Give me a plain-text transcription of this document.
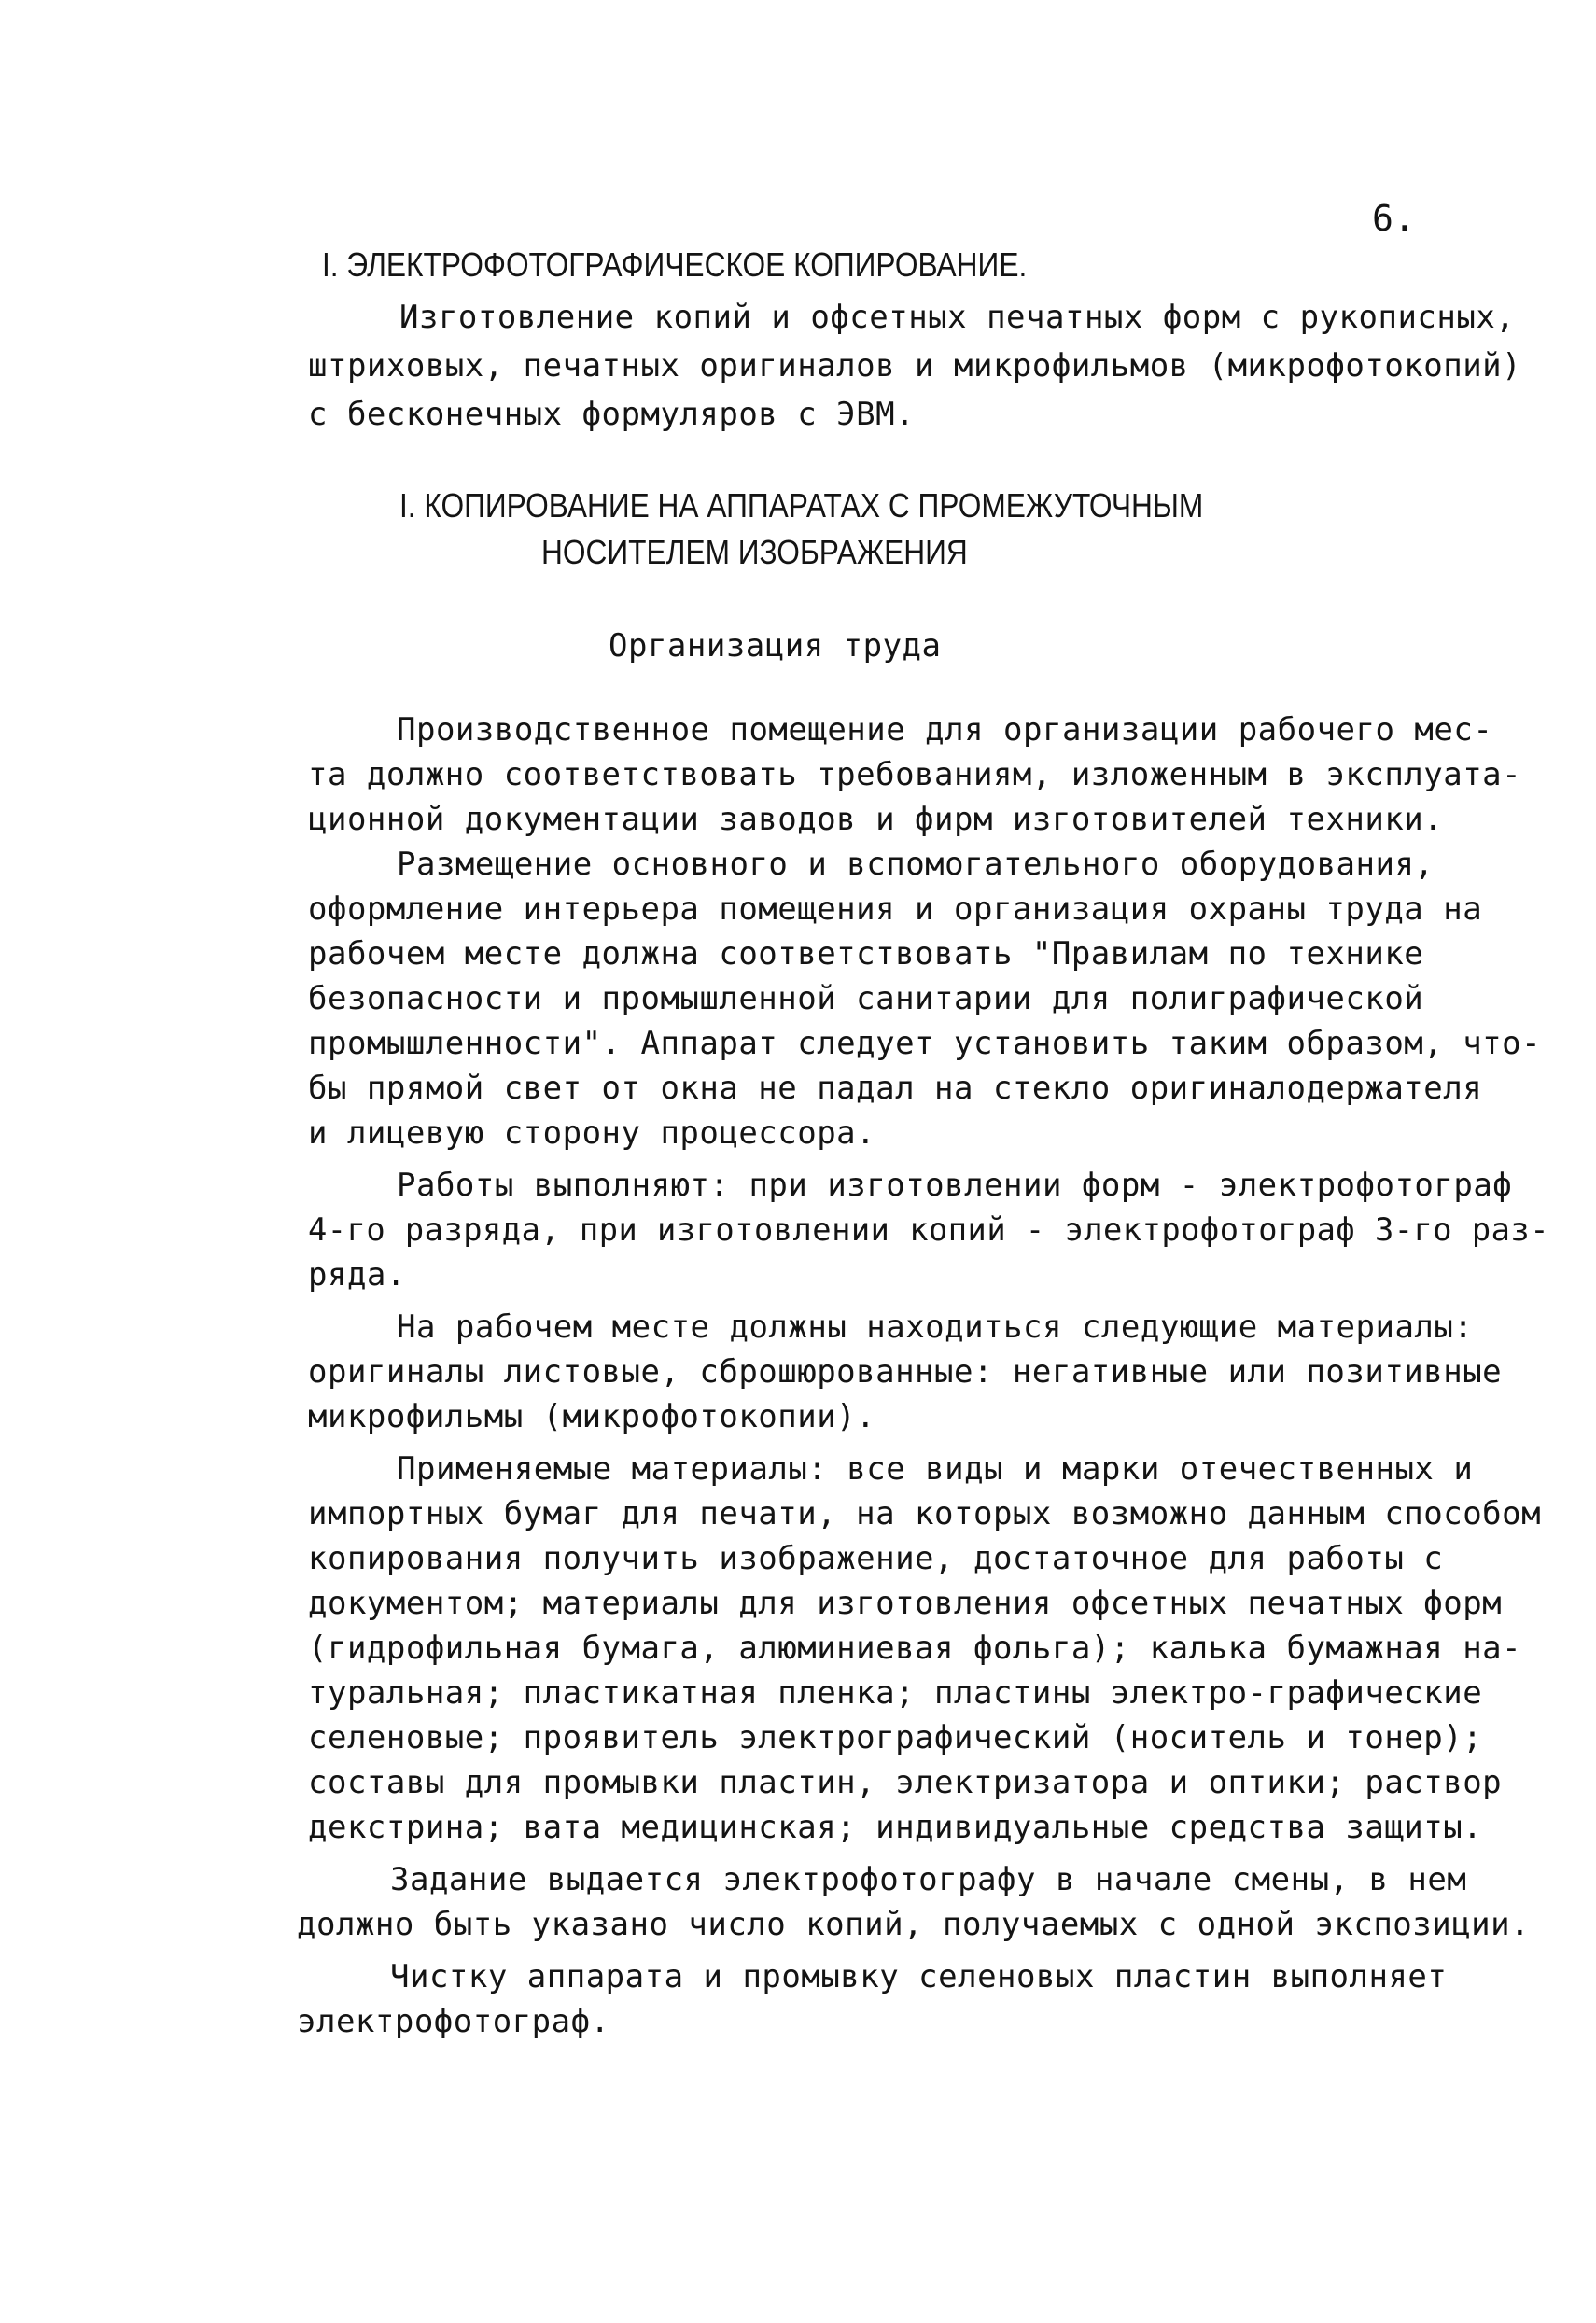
6.

I. ЭЛЕКТРОФОТОГРАФИЧЕСКОЕ КОПИРОВАНИЕ.

Изготовление копий и офсетных печатных форм с рукописных,

штриховых, печатных оригиналов и микрофильмов (микрофотокопий)

с бесконечных формуляров с ЭВМ.

I. КОПИРОВАНИЕ НА АППАРАТАХ С ПРОМЕЖУТОЧНЫМ

НОСИТЕЛЕМ ИЗОБРАЖЕНИЯ

Организация труда

Производственное помещение для организации рабочего мес-

та должно соответствовать требованиям, изложенным в эксплуата-

ционной документации заводов и фирм изготовителей техники.

Размещение основного и вспомогательного оборудования,

оформление интерьера помещения и организация охраны труда на

рабочем месте должна соответствовать "Правилам по технике

безопасности и промышленной санитарии для полиграфической

промышленности". Аппарат следует установить таким образом, что-

бы прямой свет от окна не падал на стекло оригиналодержателя

и лицевую сторону процессора.

Работы выполняют: при изготовлении форм - электрофотограф

4-го разряда, при изготовлении копий - электрофотограф 3-го раз-

ряда.

На рабочем месте должны находиться следующие материалы:

оригиналы листовые, сброшюрованные: негативные или позитивные

микрофильмы (микрофотокопии).

Применяемые материалы: все виды и марки отечественных и

импортных бумаг для печати, на которых возможно данным способом

копирования получить изображение, достаточное для работы с

документом; материалы для изготовления офсетных печатных форм

(гидрофильная бумага, алюминиевая фольга); калька бумажная на-

туральная; пластикатная пленка; пластины электро-графические

селеновые; проявитель электрографический (носитель и тонер);

составы для промывки пластин, электризатора и оптики; раствор

декстрина; вата медицинская; индивидуальные средства защиты.

Задание выдается электрофотографу в начале смены, в нем

должно быть указано число копий, получаемых с одной экспозиции.

Чистку аппарата и промывку селеновых пластин выполняет

электрофотограф.
